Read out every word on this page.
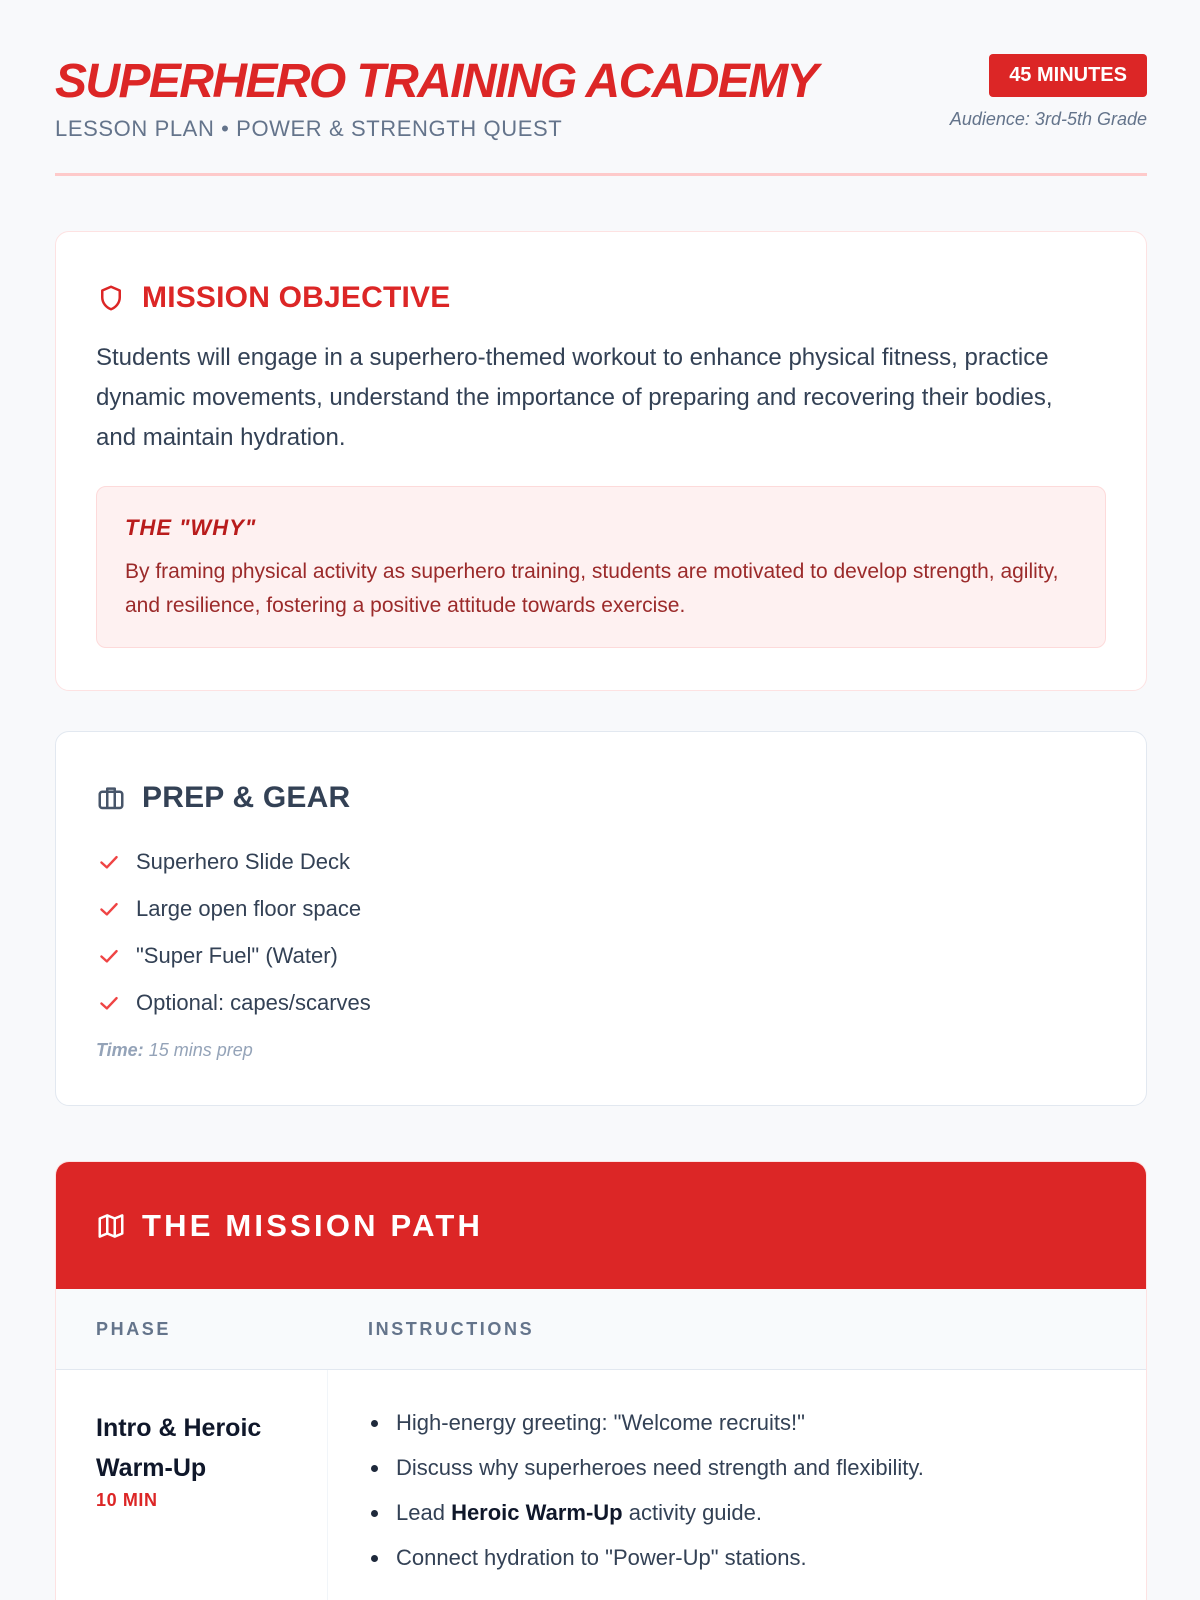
SUPERHERO TRAINING ACADEMY
LESSON PLAN • POWER & STRENGTH QUEST
45 MINUTES
Audience: 3rd-5th Grade
MISSION OBJECTIVE

Students will engage in a superhero-themed workout to enhance physical fitness, practice dynamic movements, understand the importance of preparing and recovering their bodies, and maintain hydration.

THE "WHY"

By framing physical activity as superhero training, students are motivated to develop strength, agility, and resilience, fostering a positive attitude towards exercise.

PREP & GEAR
Superhero Slide Deck
Large open floor space
"Super Fuel" (Water)
Optional: capes/scarves
Time: 15 mins prep
THE MISSION PATH
PHASE	INSTRUCTIONS
Intro & Heroic Warm-Up
10 MIN
High-energy greeting: "Welcome recruits!"
Discuss why superheroes need strength and flexibility.
Lead Heroic Warm-Up activity guide.
Connect hydration to "Power-Up" stations.
